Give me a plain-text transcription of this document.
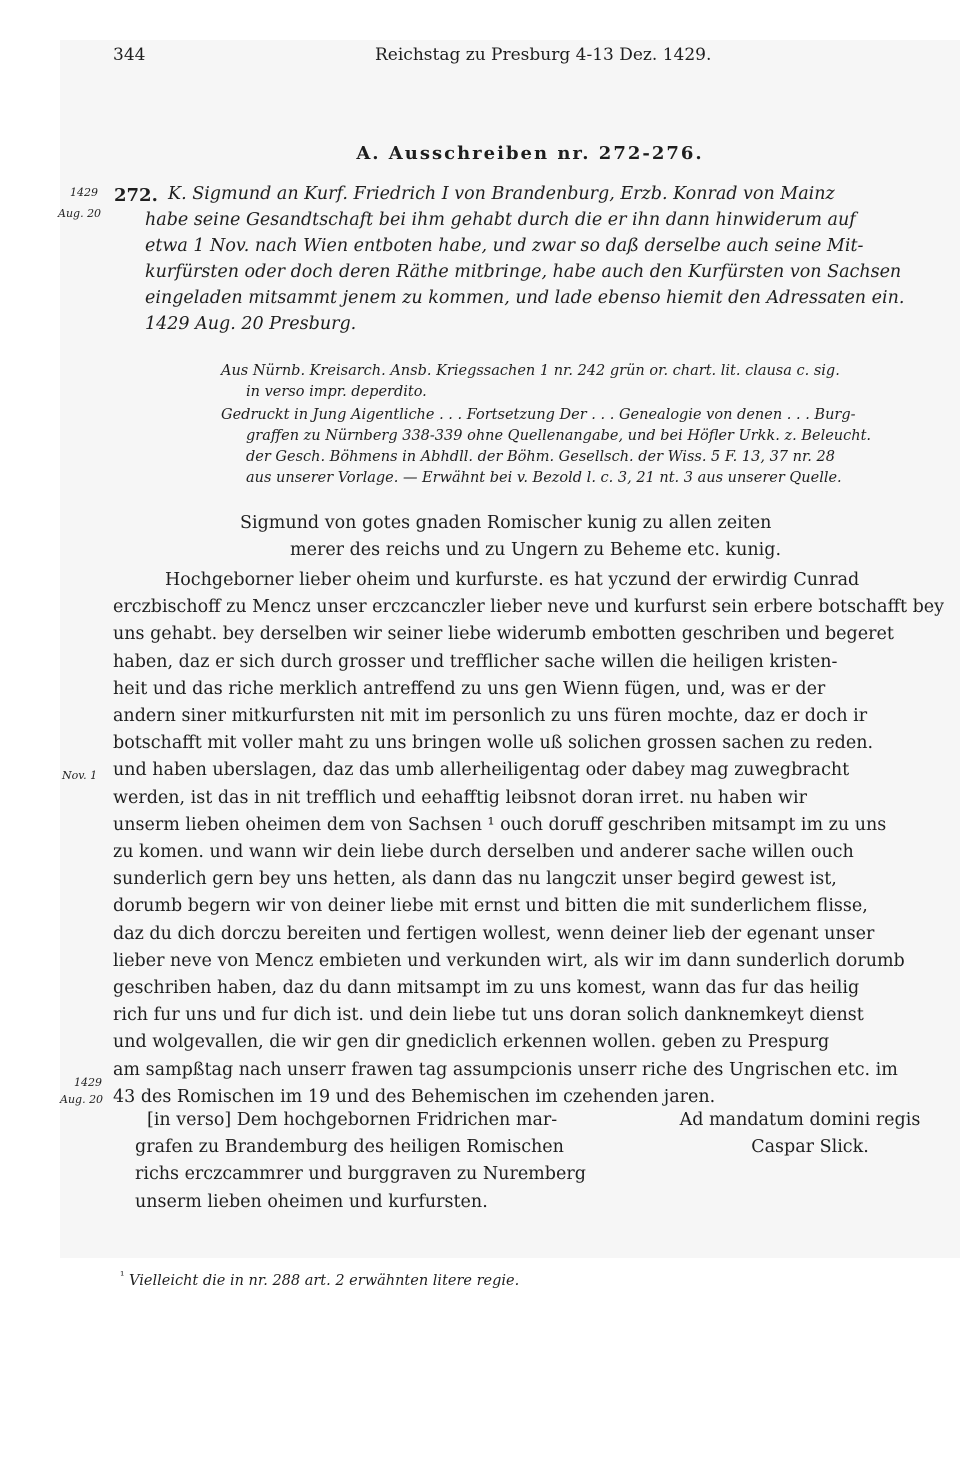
344	Reichstag zu Presburg 4-13 Dez. 1429.
A. Ausschreiben nr. 272-276.
1429
Aug. 20
Nov. 1
1429
Aug. 20
272. K. Sigmund an Kurf. Friedrich I von Brandenburg, Erzb. Konrad von Mainz
habe seine Gesandtschaft bei ihm gehabt durch die er ihn dann hinwiderum auf
etwa 1 Nov. nach Wien entboten habe, und zwar so daß derselbe auch seine Mit-
kurfürsten oder doch deren Räthe mitbringe, habe auch den Kurfürsten von Sachsen
eingeladen mitsammt jenem zu kommen, und lade ebenso hiemit den Adressaten ein.
1429 Aug. 20 Presburg.
Aus Nürnb. Kreisarch. Ansb. Kriegssachen 1 nr. 242 grün or. chart. lit. clausa c. sig.
in verso impr. deperdito.
Gedruckt in Jung Aigentliche . . . Fortsetzung Der . . . Genealogie von denen . . . Burg-
graffen zu Nürnberg 338-339 ohne Quellenangabe, und bei Höfler Urkk. z. Beleucht.
der Gesch. Böhmens in Abhdll. der Böhm. Gesellsch. der Wiss. 5 F. 13, 37 nr. 28
aus unserer Vorlage. — Erwähnt bei v. Bezold l. c. 3, 21 nt. 3 aus unserer Quelle.
Sigmund von gotes gnaden Romischer kunig zu allen zeiten
merer des reichs und zu Ungern zu Beheme etc. kunig.
Hochgeborner lieber oheim und kurfurste. es hat yczund der erwirdig Cunrad
erczbischoff zu Mencz unser erczcanczler lieber neve und kurfurst sein erbere botschafft bey
uns gehabt. bey derselben wir seiner liebe widerumb embotten geschriben und begeret
haben, daz er sich durch grosser und trefflicher sache willen die heiligen kristen-
heit und das riche merklich antreffend zu uns gen Wienn fügen, und, was er der
andern siner mitkurfursten nit mit im personlich zu uns füren mochte, daz er doch ir
botschafft mit voller maht zu uns bringen wolle uß solichen grossen sachen zu reden.
und haben uberslagen, daz das umb allerheiligentag oder dabey mag zuwegbracht
werden, ist das in nit trefflich und eehafftig leibsnot doran irret. nu haben wir
unserm lieben oheimen dem von Sachsen ¹ ouch doruff geschriben mitsampt im zu uns
zu komen. und wann wir dein liebe durch derselben und anderer sache willen ouch
sunderlich gern bey uns hetten, als dann das nu langczit unser begird gewest ist,
dorumb begern wir von deiner liebe mit ernst und bitten die mit sunderlichem flisse,
daz du dich dorczu bereiten und fertigen wollest, wenn deiner lieb der egenant unser
lieber neve von Mencz embieten und verkunden wirt, als wir im dann sunderlich dorumb
geschriben haben, daz du dann mitsampt im zu uns komest, wann das fur das heilig
rich fur uns und fur dich ist. und dein liebe tut uns doran solich danknemkeyt dienst
und wolgevallen, die wir gen dir gnediclich erkennen wollen. geben zu Prespurg
am sampßtag nach unserr frawen tag assumpcionis unserr riche des Ungrischen etc. im
43 des Romischen im 19 und des Behemischen im czehenden jaren.
[in verso] Dem hochgebornen Fridrichen mar-
grafen zu Brandemburg des heiligen Romischen
richs erczcammrer und burggraven zu Nuremberg
unserm lieben oheimen und kurfursten.
Ad mandatum domini regis
Caspar Slick.
$^{^1}$ Vielleicht die in nr. 288 art. 2 erwähnten litere regie.
